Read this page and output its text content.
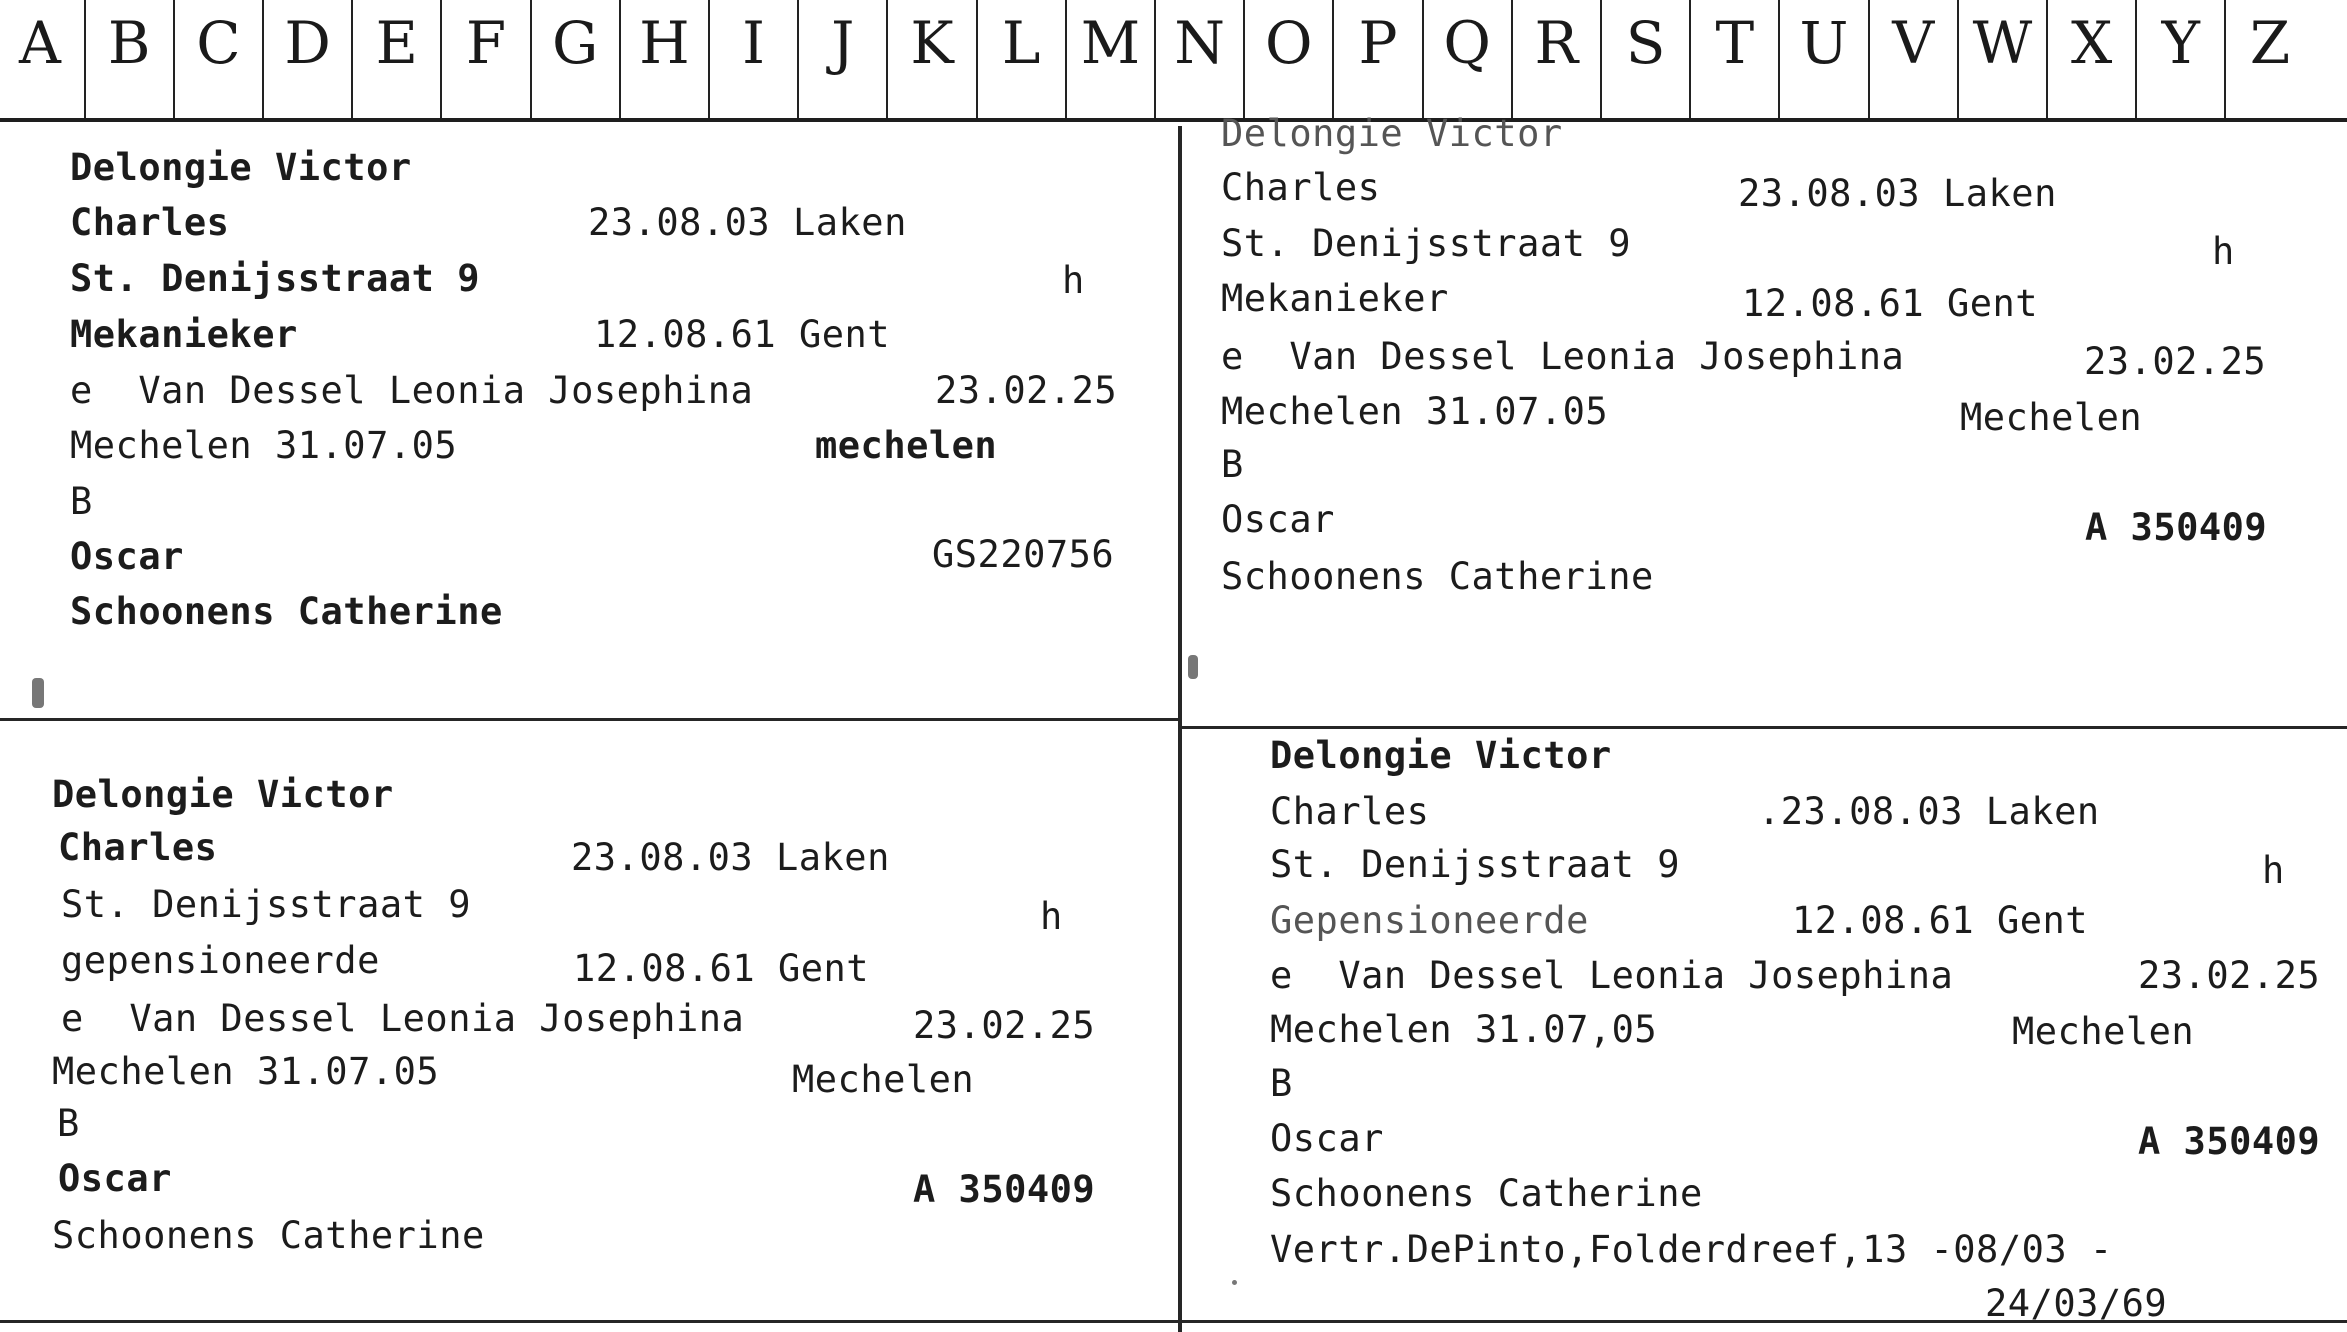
A B C D E F G H I	J K L M N O P Q R S T U V W X Y Z
Delongie Victor
Charles	23.08.03 Laken
St. Denijsstraat 9	h
Mekanieker	12.08.61 Gent
e  Van Dessel Leonia Josephina	23.02.25
Mechelen 31.07.05	mechelen
B
Oscar	GS220756
Schoonens Catherine
Delongie Victor
Charles	23.08.03 Laken
St. Denijsstraat 9	h
Mekanieker	12.08.61 Gent
e  Van Dessel Leonia Josephina	23.02.25
Mechelen 31.07.05	Mechelen
B
Oscar	A 350409
Schoonens Catherine
Delongie Victor
Charles	23.08.03 Laken
St. Denijsstraat 9	h
gepensioneerde	12.08.61 Gent
e  Van Dessel Leonia Josephina	23.02.25
Mechelen 31.07.05	Mechelen
B
Oscar	A 350409
Schoonens Catherine
Delongie Victor
Charles	.23.08.03 Laken
St. Denijsstraat 9	h
Gepensioneerde	12.08.61 Gent
e  Van Dessel Leonia Josephina	23.02.25
Mechelen 31.07,05	Mechelen
B
Oscar	A 350409
Schoonens Catherine
Vertr.DePinto,Folderdreef,13 -08/03 -
24/03/69
